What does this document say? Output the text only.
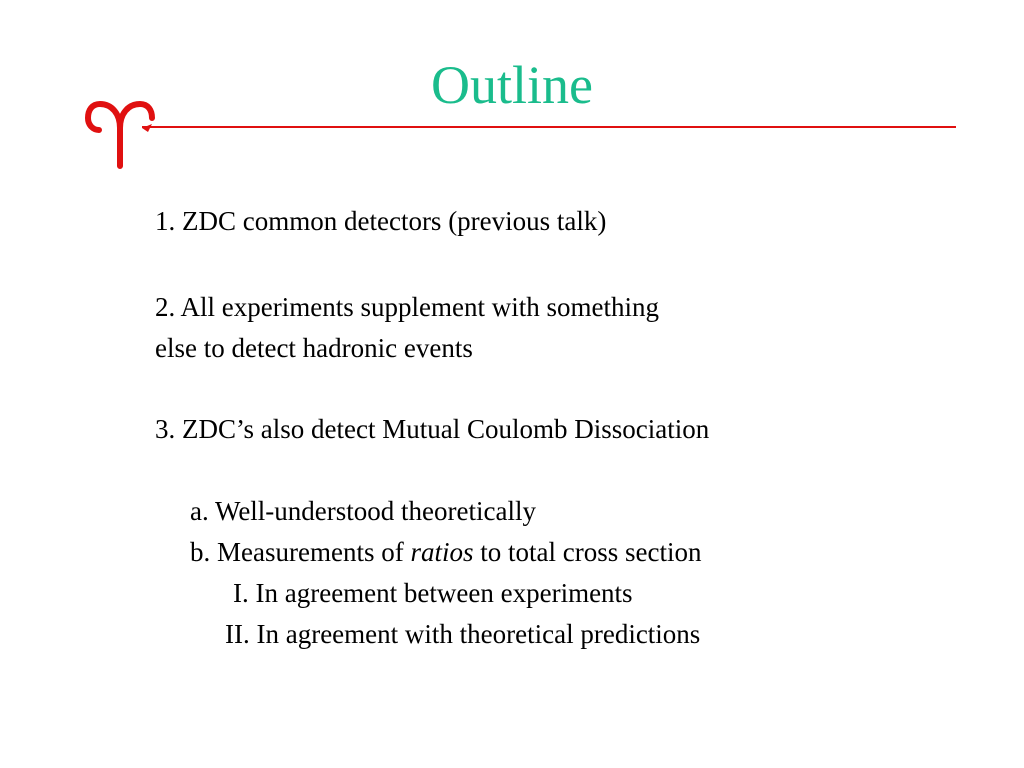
Outline
1. ZDC common detectors (previous talk)
2. All experiments supplement with something
else to detect hadronic events
3. ZDC’s also detect Mutual Coulomb Dissociation
a. Well-understood theoretically
b. Measurements of ratios to total cross section
I. In agreement between experiments
II. In agreement with theoretical predictions
